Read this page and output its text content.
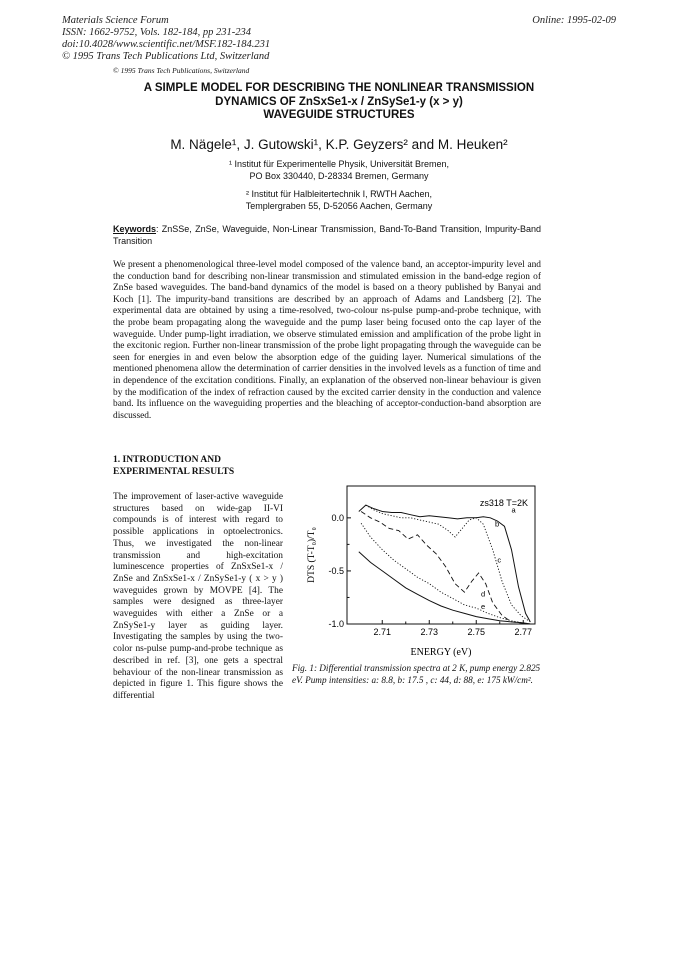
Materials Science Forum
ISSN: 1662-9752, Vols. 182-184, pp 231-234
doi:10.4028/www.scientific.net/MSF.182-184.231
© 1995 Trans Tech Publications Ltd, Switzerland
Online: 1995-02-09
© 1995 Trans Tech Publications, Switzerland
A SIMPLE MODEL FOR DESCRIBING THE NONLINEAR TRANSMISSION
DYNAMICS OF ZnSxSe1-x / ZnSySe1-y (x > y)
WAVEGUIDE STRUCTURES
M. Nägele¹, J. Gutowski¹, K.P. Geyzers² and M. Heuken²
¹ Institut für Experimentelle Physik, Universität Bremen,
PO Box 330440, D-28334 Bremen, Germany
² Institut für Halbleitertechnik I, RWTH Aachen,
Templergraben 55, D-52056 Aachen, Germany
Keywords: ZnSSe, ZnSe, Waveguide, Non-Linear Transmission, Band-To-Band Transition, Impurity-Band Transition
We present a phenomenological three-level model composed of the valence band, an acceptor-impurity level and the conduction band for describing non-linear transmission and stimulated emission in the band-edge region of ZnSe based waveguides. The band-band dynamics of the model is based on a theory published by Banyai and Koch [1]. The impurity-band transitions are described by an approach of Adams and Landsberg [2]. The experimental data are obtained by using a time-resolved, two-colour ns-pulse pump-and-probe technique, with the probe beam propagating along the waveguide and the pump laser being focused onto the cap layer of the waveguide. Under pump-light irradiation, we observe stimulated emission and amplification of the probe light in the excitonic region. Further non-linear transmission of the probe light propagating through the waveguide can be seen for energies in and even below the absorption edge of the guiding layer. Numerical simulations of the mentioned phenomena allow the determination of carrier densities in the involved levels as a function of time and in dependence of the excitation conditions. Finally, an explanation of the observed non-linear behaviour is given by the modification of the index of refraction caused by the excited carrier density in the conduction and valence band. Its influence on the waveguiding properties and the bleaching of acceptor-conduction-band absorption are discussed.
1. INTRODUCTION AND
EXPERIMENTAL RESULTS
The improvement of laser-active waveguide structures based on wide-gap II-VI compounds is of interest with regard to possible applications in optoelectronics. Thus, we investigated the non-linear transmission and high-excitation luminescence properties of ZnSxSe1-x / ZnSe and ZnSxSe1-x / ZnSySe1-y ( x > y ) waveguides grown by MOVPE [4]. The samples were designed as three-layer waveguides with either a ZnSe or a ZnSySe1-y layer as guiding layer. Investigating the samples by using the two-color ns-pulse pump-and-probe technique as described in ref. [3], one gets a spectral behaviour of the non-linear transmission as depicted in figure 1. This figure shows the differential
0.0
-0.5
-1.0
2.71	2.73	2.75	2.77
a
b
c
d
e
zs318 T=2K
ENERGY (eV)
DTS (T-T₀)/T₀
Fig. 1: Differential transmission spectra at 2 K, pump energy 2.825 eV. Pump intensities: a: 8.8, b: 17.5 , c: 44, d: 88, e: 175 kW/cm².
